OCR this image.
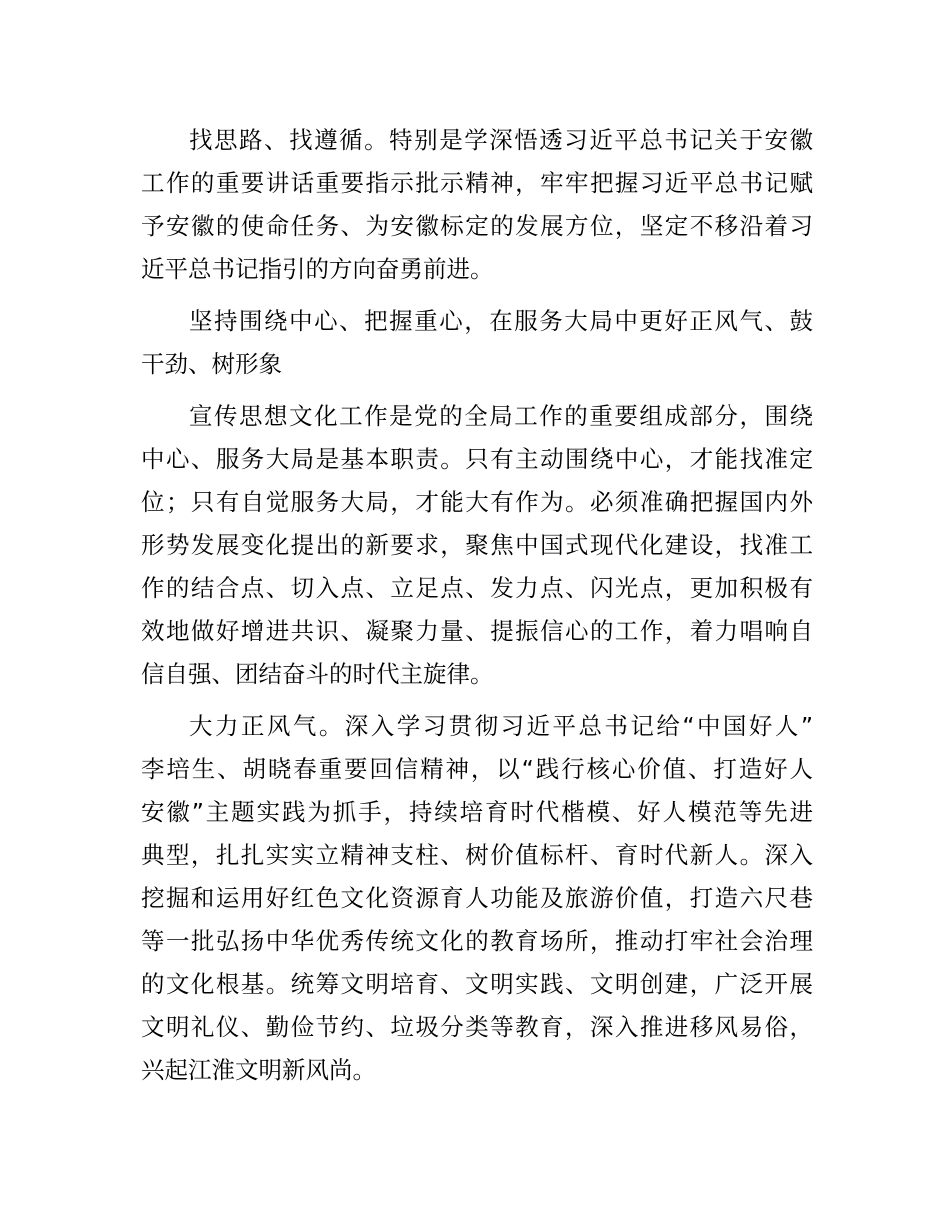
找思路、找遵循。特别是学深悟透习近平总书记关于安徽
工作的重要讲话重要指示批示精神，牢牢把握习近平总书记赋
予安徽的使命任务、为安徽标定的发展方位，坚定不移沿着习
近平总书记指引的方向奋勇前进。

坚持围绕中心、把握重心，在服务大局中更好正风气、鼓
干劲、树形象

宣传思想文化工作是党的全局工作的重要组成部分，围绕
中心、服务大局是基本职责。只有主动围绕中心，才能找准定
位；只有自觉服务大局，才能大有作为。必须准确把握国内外
形势发展变化提出的新要求，聚焦中国式现代化建设，找准工
作的结合点、切入点、立足点、发力点、闪光点，更加积极有
效地做好增进共识、凝聚力量、提振信心的工作，着力唱响自
信自强、团结奋斗的时代主旋律。

大力正风气。深入学习贯彻习近平总书记给“中国好人”
李培生、胡晓春重要回信精神，以“践行核心价值、打造好人
安徽”主题实践为抓手，持续培育时代楷模、好人模范等先进
典型，扎扎实实立精神支柱、树价值标杆、育时代新人。深入
挖掘和运用好红色文化资源育人功能及旅游价值，打造六尺巷
等一批弘扬中华优秀传统文化的教育场所，推动打牢社会治理
的文化根基。统筹文明培育、文明实践、文明创建，广泛开展
文明礼仪、勤俭节约、垃圾分类等教育，深入推进移风易俗，
兴起江淮文明新风尚。
